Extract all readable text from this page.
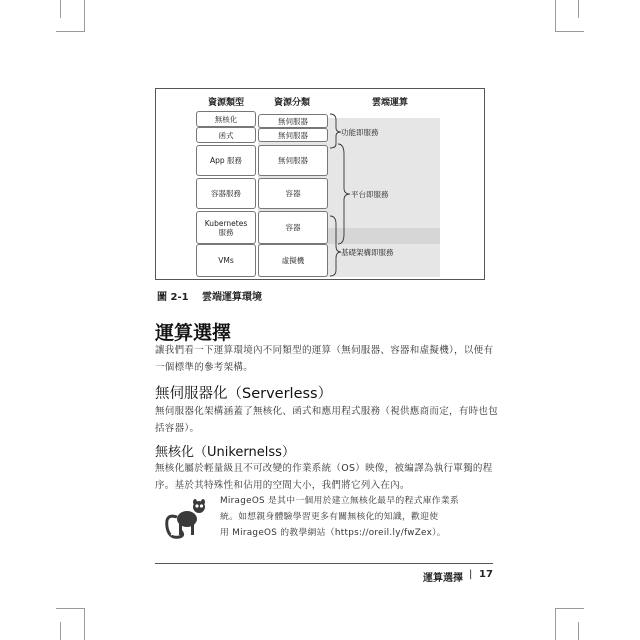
資源類型	資源分類	雲端運算
無核化
函式
App 服務
容器服務
Kubernetes
服務
VMs
無伺服器
無伺服器
無伺服器
容器
容器
虛擬機
功能即服務
平台即服務
基礎架構即服務
圖 2-1 雲端運算環境
運算選擇

讓我們看一下運算環境內不同類型的運算（無伺服器、容器和虛擬機），以便有

一個標準的參考架構。

無伺服器化（Serverless）

無伺服器化架構涵蓋了無核化、函式和應用程式服務（視供應商而定，有時也包

括容器）。

無核化（Unikernelss）

無核化屬於輕量級且不可改變的作業系統（OS）映像，被編譯為執行單獨的程

序。基於其特殊性和佔用的空間大小，我們將它列入在內。

MirageOS 是其中一個用於建立無核化最早的程式庫作業系

統。如想親身體驗學習更多有關無核化的知識，歡迎使

用 MirageOS 的教學網站（https://oreil.ly/fwZex）。

運算選擇 | 17
